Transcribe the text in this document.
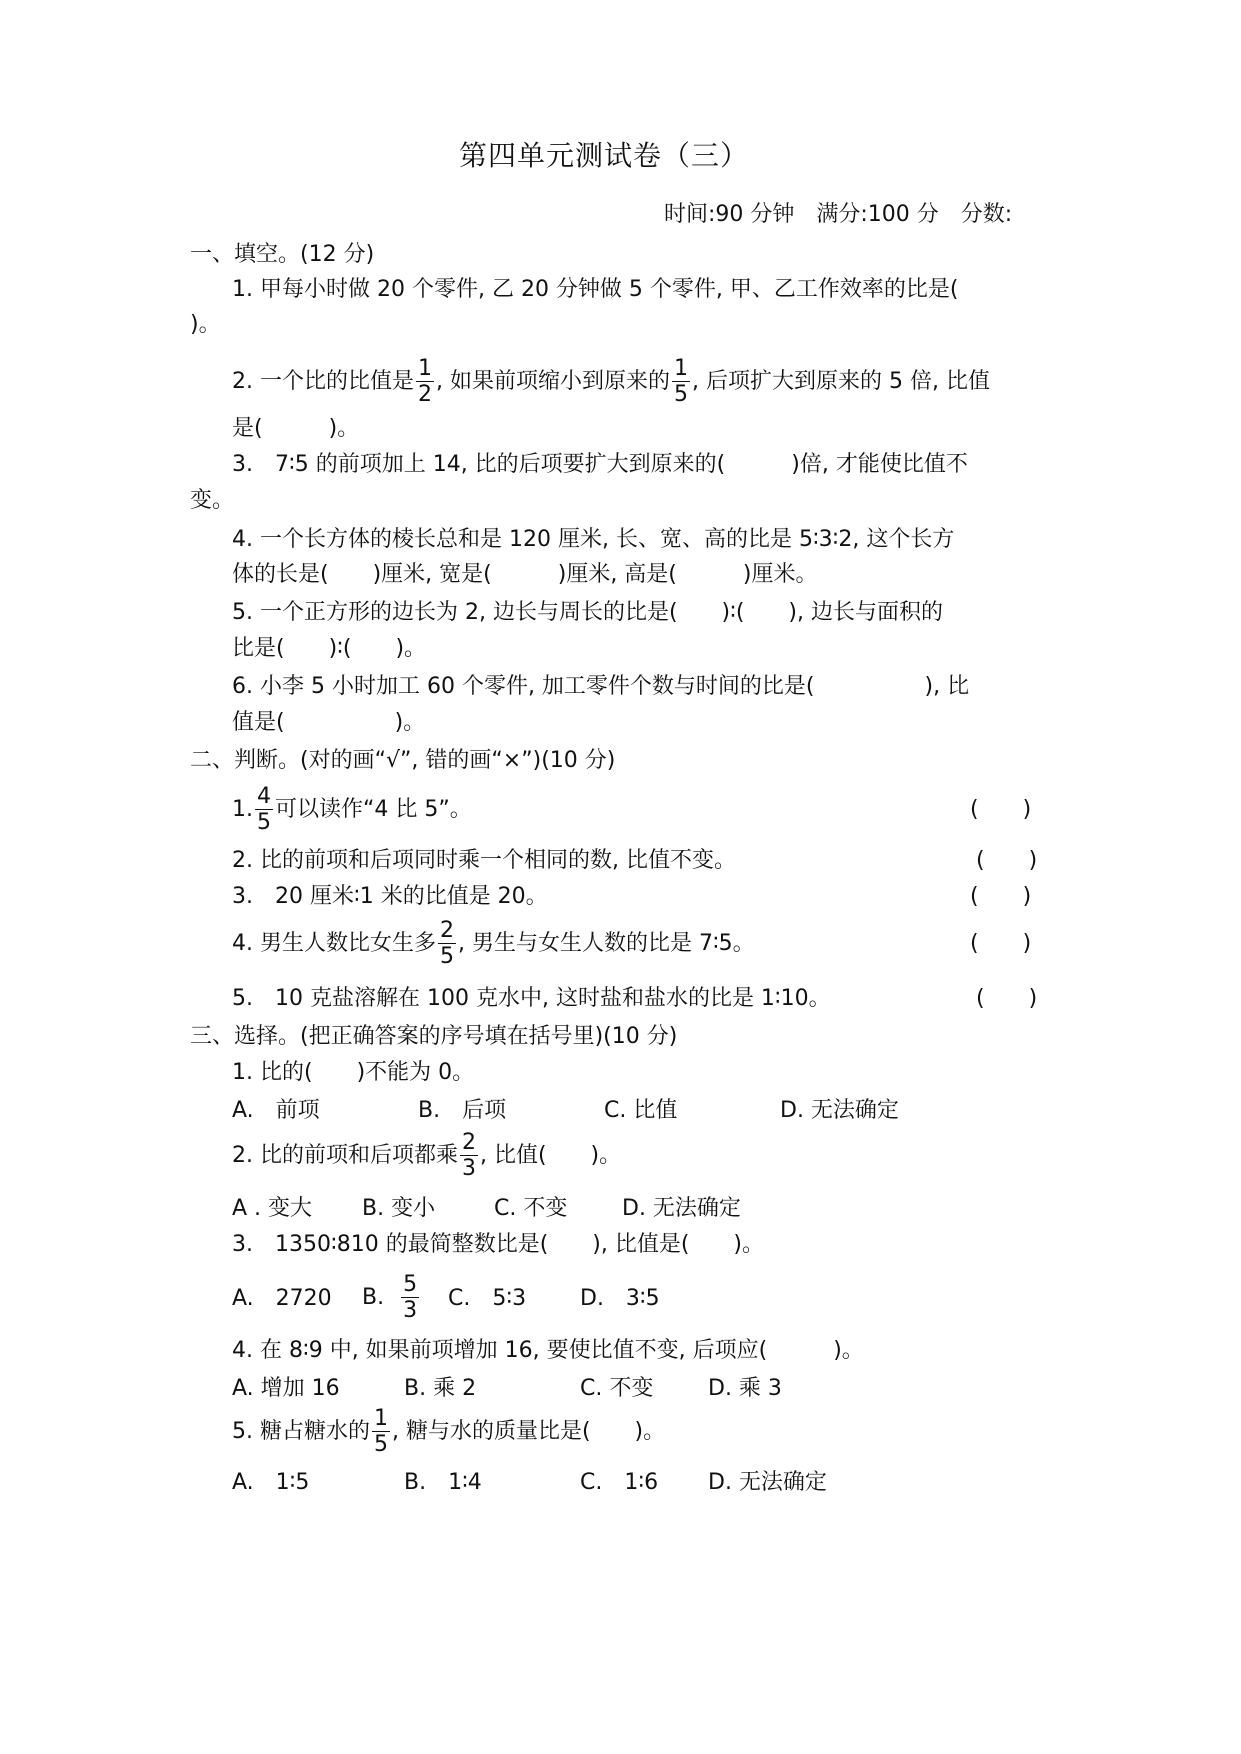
第四单元测试卷（三）
时间:90 分钟　满分:100 分　分数:
一、填空。(12 分)
1. 甲每小时做 20 个零件, 乙 20 分钟做 5 个零件, 甲、乙工作效率的比是(
)。
2. 一个比的比值是 $\frac{1}{2}$ , 如果前项缩小到原来的 $\frac{1}{5}$ , 后项扩大到原来的 5 倍, 比值
是(　　　)。
3.　7∶5 的前项加上 14, 比的后项要扩大到原来的(　　　)倍, 才能使比值不
变。
4. 一个长方体的棱长总和是 120 厘米, 长、宽、高的比是 5∶3∶2, 这个长方
体的长是(　　)厘米, 宽是(　　　)厘米, 高是(　　　)厘米。
5. 一个正方形的边长为 2, 边长与周长的比是(　　)∶(　　), 边长与面积的
比是(　　)∶(　　)。
6. 小李 5 小时加工 60 个零件, 加工零件个数与时间的比是(　　　　　), 比
值是(　　　　　)。
二、判断。(对的画“√”, 错的画“×”)(10 分)
1. $\frac{4}{5}$ 可以读作“4 比 5”。	(　　)
2. 比的前项和后项同时乘一个相同的数, 比值不变。	(　　)
3.　20 厘米∶1 米的比值是 20。	(　　)
4. 男生人数比女生多 $\frac{2}{5}$ , 男生与女生人数的比是 7∶5。	(　　)
5.　10 克盐溶解在 100 克水中, 这时盐和盐水的比是 1∶10。	(　　)
三、选择。(把正确答案的序号填在括号里)(10 分)
1. 比的(　　)不能为 0。
A.　前项	B.　后项	C. 比值	D. 无法确定
2. 比的前项和后项都乘 $\frac{2}{3}$ , 比值(　　)。
A . 变大 B. 变小	C. 不变 D. 无法确定
3.　1350∶810 的最简整数比是(　　), 比值是(　　)。
A.　2720 B. $\frac{5}{3} C$.　5∶3 D.　3∶5
4. 在 8∶9 中, 如果前项增加 16, 要使比值不变, 后项应(　　　)。
A. 增加 16	B. 乘 2	C. 不变 D. 乘 3
5. 糖占糖水的 $\frac{1}{5}$ , 糖与水的质量比是(　　)。
A.　1∶5	B.　1∶4	C.　1∶6 D. 无法确定
